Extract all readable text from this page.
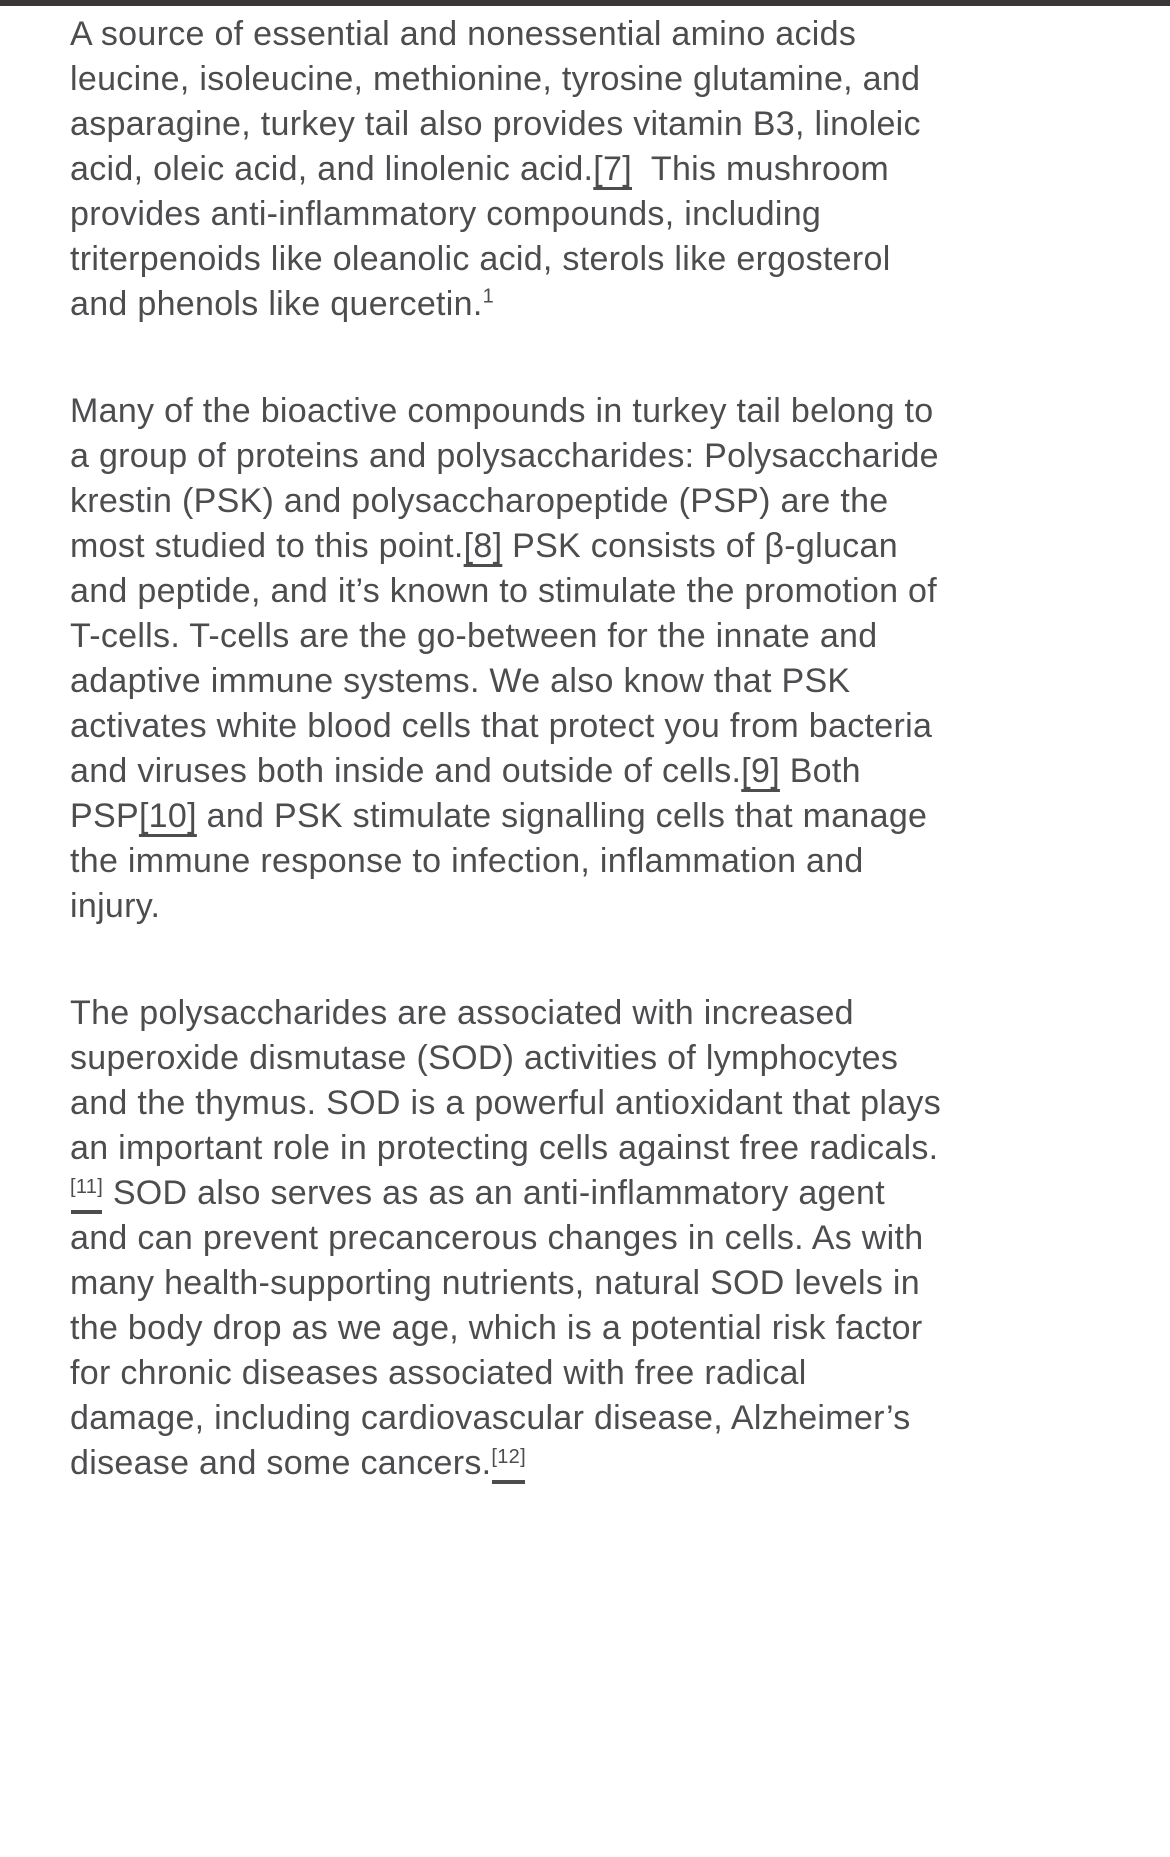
A source of essential and nonessential amino acids leucine, isoleucine, methionine, tyrosine glutamine, and asparagine, turkey tail also provides vitamin B3, linoleic acid, oleic acid, and linolenic acid.[7]  This mushroom provides anti-inflammatory compounds, including triterpenoids like oleanolic acid, sterols like ergosterol and phenols like quercetin.$^1$

Many of the bioactive compounds in turkey tail belong to a group of proteins and polysaccharides: Polysaccharide krestin (PSK) and polysaccharopeptide (PSP) are the most studied to this point.[8] PSK consists of β-glucan and peptide, and it’s known to stimulate the promotion of T-cells. T-cells are the go-between for the innate and adaptive immune systems. We also know that PSK activates white blood cells that protect you from bacteria and viruses both inside and outside of cells.[9] Both PSP[10] and PSK stimulate signalling cells that manage the immune response to infection, inflammation and injury.

The polysaccharides are associated with increased superoxide dismutase (SOD) activities of lymphocytes and the thymus. SOD is a powerful antioxidant that plays an important role in protecting cells against free radicals.[11] SOD also serves as as an anti-inflammatory agent and can prevent precancerous changes in cells. As with many health-supporting nutrients, natural SOD levels in the body drop as we age, which is a potential risk factor for chronic diseases associated with free radical damage, including cardiovascular disease, Alzheimer’s disease and some cancers.[12]
